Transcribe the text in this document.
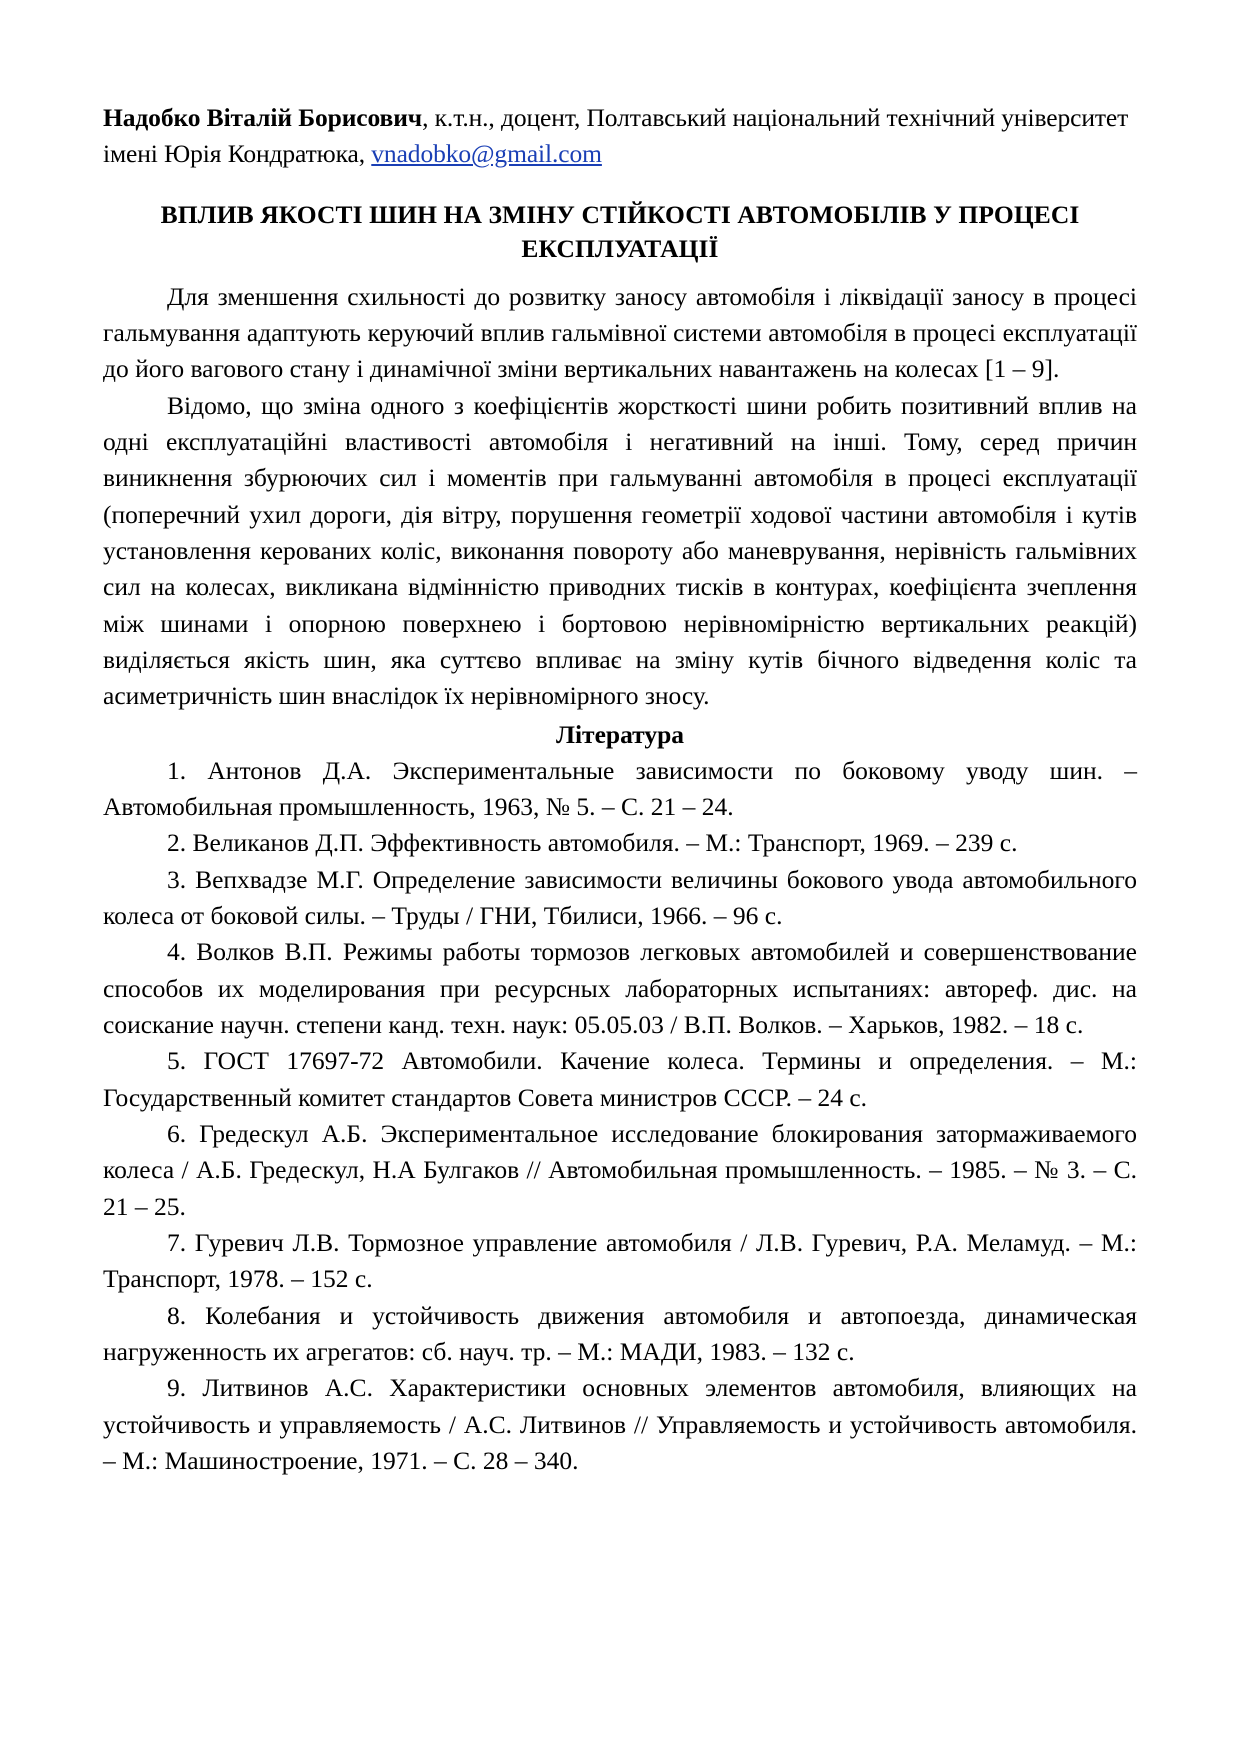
Надобко Віталій Борисович, к.т.н., доцент, Полтавський національний технічний університет імені Юрія Кондратюка, vnadobko@gmail.com

ВПЛИВ ЯКОСТІ ШИН НА ЗМІНУ СТІЙКОСТІ АВТОМОБІЛІВ У ПРОЦЕСІ ЕКСПЛУАТАЦІЇ

Для зменшення схильності до розвитку заносу автомобіля і ліквідації заносу в процесі гальмування адаптують керуючий вплив гальмівної системи автомобіля в процесі експлуатації до його вагового стану і динамічної зміни вертикальних навантажень на колесах [1 – 9].

Відомо, що зміна одного з коефіцієнтів жорсткості шини робить позитивний вплив на одні експлуатаційні властивості автомобіля і негативний на інші. Тому, серед причин виникнення збурюючих сил і моментів при гальмуванні автомобіля в процесі експлуатації (поперечний ухил дороги, дія вітру, порушення геометрії ходової частини автомобіля і кутів установлення керованих коліс, виконання повороту або маневрування, нерівність гальмівних сил на колесах, викликана відмінністю приводних тисків в контурах, коефіцієнта зчеплення між шинами і опорною поверхнею і бортовою нерівномірністю вертикальних реакцій) виділяється якість шин, яка суттєво впливає на зміну кутів бічного відведення коліс та асиметричність шин внаслідок їх нерівномірного зносу.

Література
1. Антонов Д.А. Экспериментальные зависимости по боковому уводу шин. – Автомобильная промышленность, 1963, № 5. – С. 21 – 24.
2. Великанов Д.П. Эффективность автомобиля. – М.: Транспорт, 1969. – 239 с.
3. Вепхвадзе М.Г. Определение зависимости величины бокового увода автомобильного колеса от боковой силы. – Труды / ГНИ, Тбилиси, 1966. – 96 с.
4. Волков В.П. Режимы работы тормозов легковых автомобилей и совершенствование способов их моделирования при ресурсных лабораторных испытаниях: автореф. дис. на соискание научн. степени канд. техн. наук: 05.05.03 / В.П. Волков. – Харьков, 1982. – 18 с.
5. ГОСТ 17697-72 Автомобили. Качение колеса. Термины и определения. – М.: Государственный комитет стандартов Совета министров СССР. – 24 с.
6. Гредескул А.Б. Экспериментальное исследование блокирования затормаживаемого колеса / А.Б. Гредескул, Н.А Булгаков // Автомобильная промышленность. – 1985. – № 3. – С. 21 – 25.
7. Гуревич Л.В. Тормозное управление автомобиля / Л.В. Гуревич, Р.А. Меламуд. – М.: Транспорт, 1978. – 152 с.
8. Колебания и устойчивость движения автомобиля и автопоезда, динамическая нагруженность их агрегатов: сб. науч. тр. – М.: МАДИ, 1983. – 132 с.
9. Литвинов А.С. Характеристики основных элементов автомобиля, влияющих на устойчивость и управляемость / А.С. Литвинов // Управляемость и устойчивость автомобиля. – М.: Машиностроение, 1971. – С. 28 – 340.
